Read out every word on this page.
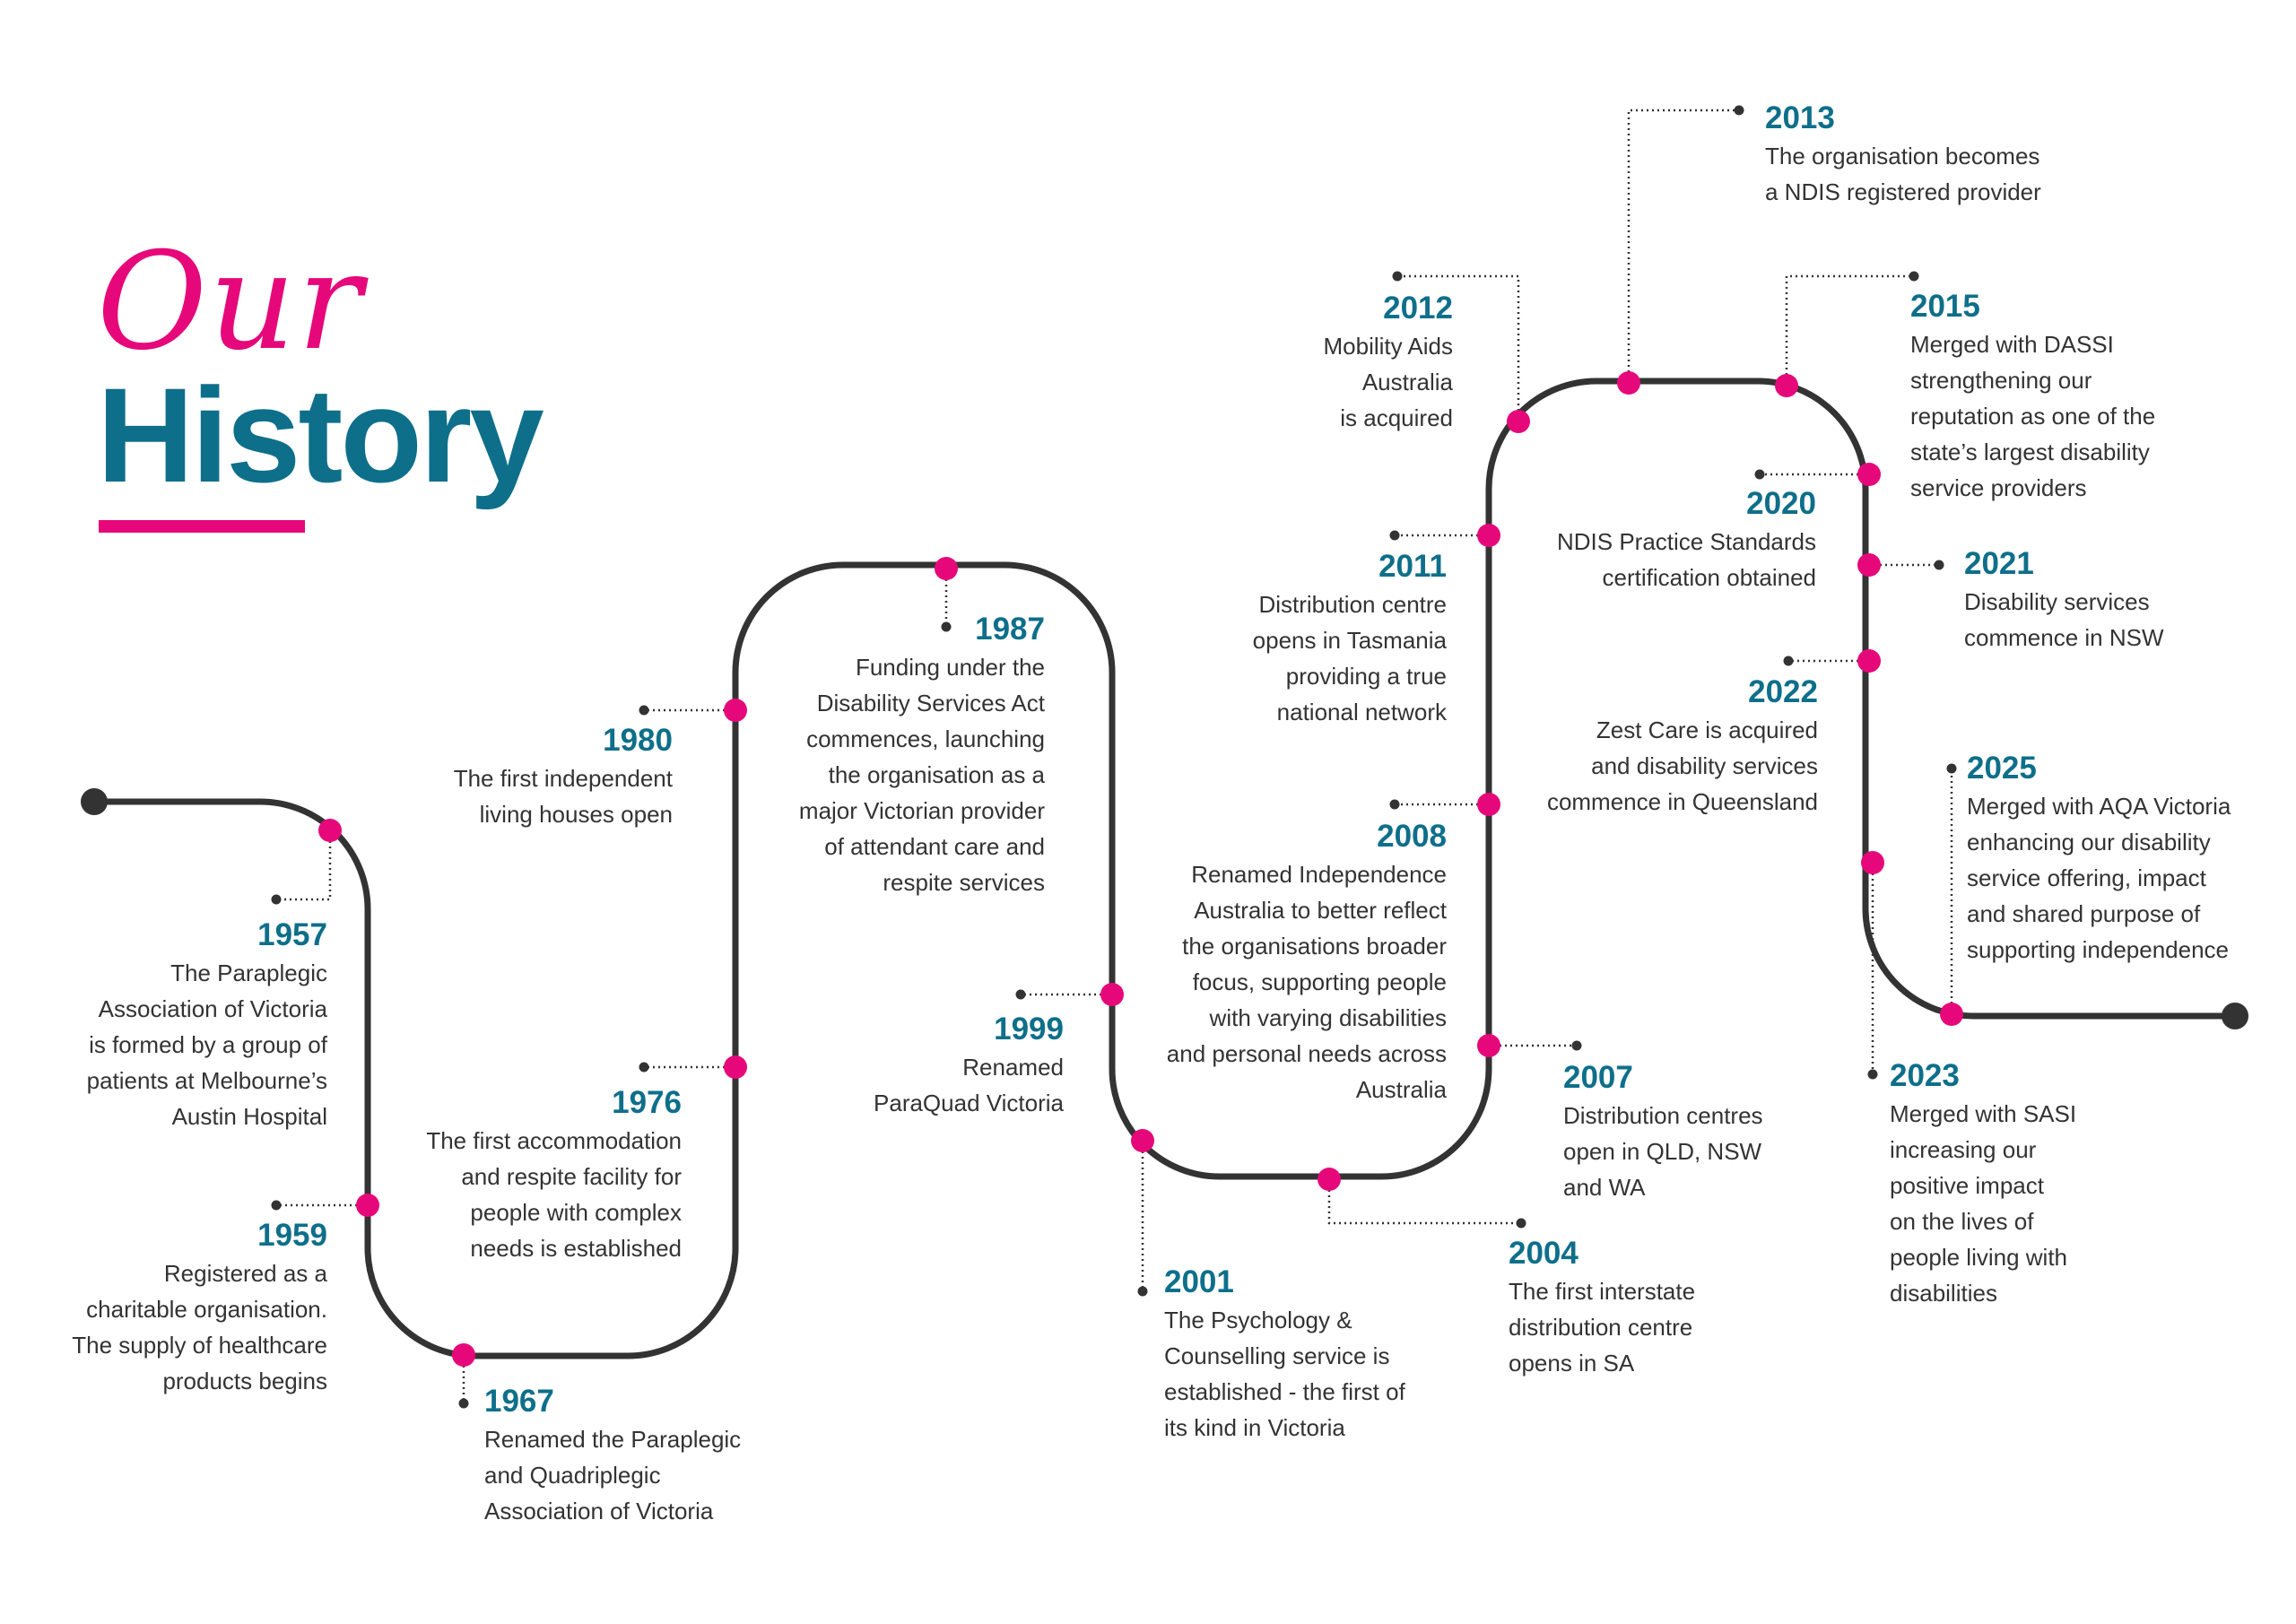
Our
History
1957
The Paraplegic
Association of Victoria
is formed by a group of
patients at Melbourne’s
Austin Hospital
1959
Registered as a
charitable organisation.
The supply of healthcare
products begins
1967
Renamed the Paraplegic
and Quadriplegic
Association of Victoria
1976
The first accommodation
and respite facility for
people with complex
needs is established
1980
The first independent
living houses open
1987
Funding under the
Disability Services Act
commences, launching
the organisation as a
major Victorian provider
of attendant care and
respite services
1999
Renamed
ParaQuad Victoria
2001
The Psychology &
Counselling service is
established - the first of
its kind in Victoria
2004
The first interstate
distribution centre
opens in SA
2007
Distribution centres
open in QLD, NSW
and WA
2008
Renamed Independence
Australia to better reflect
the organisations broader
focus, supporting people
with varying disabilities
and personal needs across
Australia
2011
Distribution centre
opens in Tasmania
providing a true
national network
2012
Mobility Aids
Australia
is acquired
2013
The organisation becomes
a NDIS registered provider
2015
Merged with DASSI
strengthening our
reputation as one of the
state’s largest disability
service providers
2020
NDIS Practice Standards
certification obtained	2021
Disability services
commence in NSW
2022
Zest Care is acquired
and disability services
commence in Queensland
2023
Merged with SASI
increasing our
positive impact
on the lives of
people living with
disabilities
2025
Merged with AQA Victoria
enhancing our disability
service offering, impact
and shared purpose of
supporting independence
